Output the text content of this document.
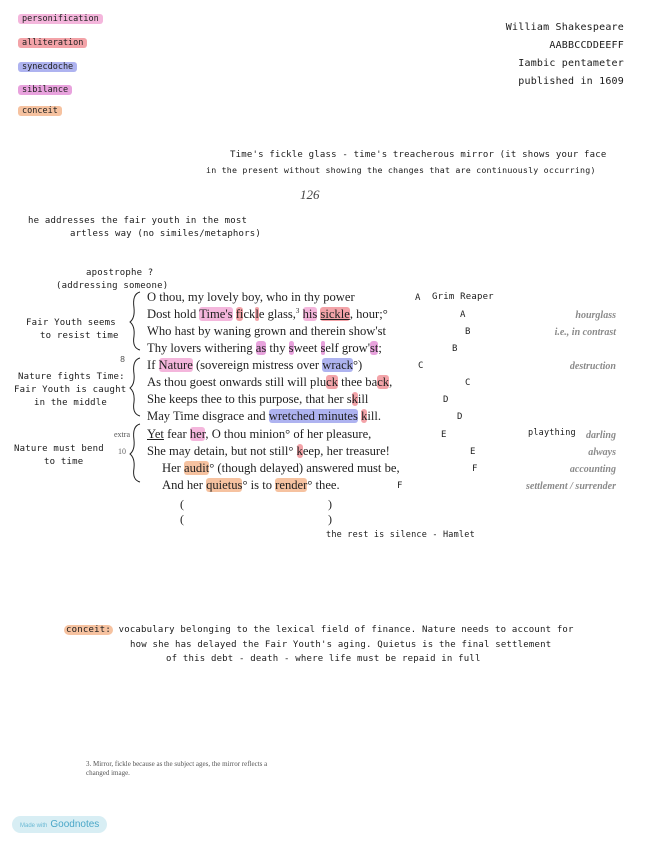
personification
alliteration
synecdoche
sibilance
conceit
William Shakespeare
AABBCCDDEEFF
Iambic pentameter
published in 1609
Time's fickle glass - time's treacherous mirror (it shows your face
in the present without showing the changes that are continuously occurring)
126
he addresses the fair youth in the most
artless way (no similes/metaphors)
apostrophe ?
(addressing someone)
Grim Reaper
Fair Youth seems
to resist time
Nature fights Time:
Fair Youth is caught
in the middle
Nature must bend
to time
8
extra
10
O thou, my lovely boy, who in thy power
Dost hold Time's fickle glass,$^3$ his sickle, hour;°
Who hast by waning grown and therein show'st
Thy lovers withering as thy sweet self grow'st;
If Nature (sovereign mistress over wrack°)
As thou goest onwards still will pluck thee back,
She keeps thee to this purpose, that her skill
May Time disgrace and wretched minutes kill.
Yet fear her, O thou minion° of her pleasure,
She may detain, but not still° keep, her treasure!
Her audit° (though delayed) answered must be,
And her quietus° is to render° thee.
A
A
B
B
C
C
D
D
E
E
F
F
hourglass
i.e., in contrast
destruction
plaything darling
always
accounting
settlement / surrender
(
(
)
)
the rest is silence - Hamlet
conceit: vocabulary belonging to the lexical field of finance. Nature needs to account for
how she has delayed the Fair Youth's aging. Quietus is the final settlement
of this debt - death - where life must be repaid in full
3. Mirror, fickle because as the subject ages, the mirror reflects a changed image.
Made with Goodnotes
